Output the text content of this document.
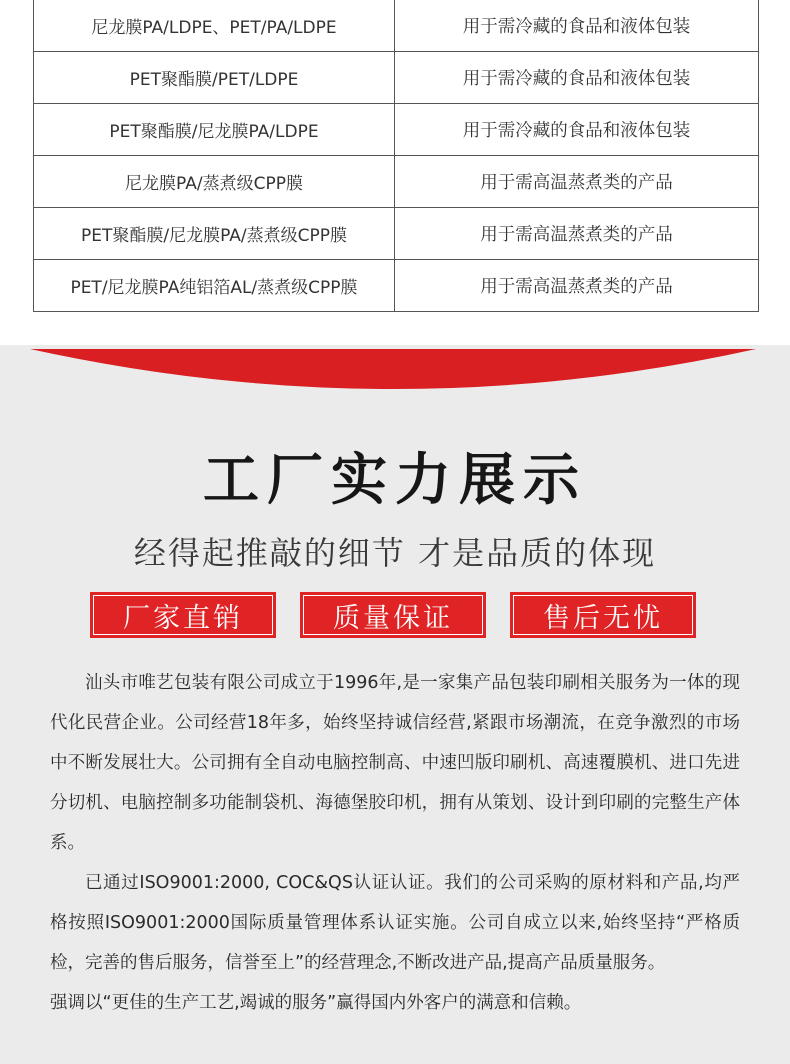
尼龙膜PA/LDPE、PET/PA/LDPE	用于需冷藏的食品和液体包装
PET聚酯膜/PET/LDPE	用于需冷藏的食品和液体包装
PET聚酯膜/尼龙膜PA/LDPE	用于需冷藏的食品和液体包装
尼龙膜PA/蒸煮级CPP膜	用于需高温蒸煮类的产品
PET聚酯膜/尼龙膜PA/蒸煮级CPP膜	用于需高温蒸煮类的产品
PET/尼龙膜PA纯铝箔AL/蒸煮级CPP膜	用于需高温蒸煮类的产品
工厂实力展示
经得起推敲的细节 才是品质的体现
厂家直销	质量保证	售后无忧

汕头市唯艺包装有限公司成立于1996年,是一家集产品包装印刷相关服务为一体的现代化民营企业。公司经营18年多，始终坚持诚信经营,紧跟市场潮流，在竞争激烈的市场中不断发展壮大。公司拥有全自动电脑控制高、中速凹版印刷机、高速覆膜机、进口先进分切机、电脑控制多功能制袋机、海德堡胶印机，拥有从策划、设计到印刷的完整生产体系。

已通过ISO9001:2000, COC&QS认证认证。我们的公司采购的原材料和产品,均严格按照ISO9001:2000国际质量管理体系认证实施。公司自成立以来,始终坚持“严格质检，完善的售后服务，信誉至上”的经营理念,不断改进产品,提高产品质量服务。

强调以“更佳的生产工艺,竭诚的服务”赢得国内外客户的满意和信赖。
